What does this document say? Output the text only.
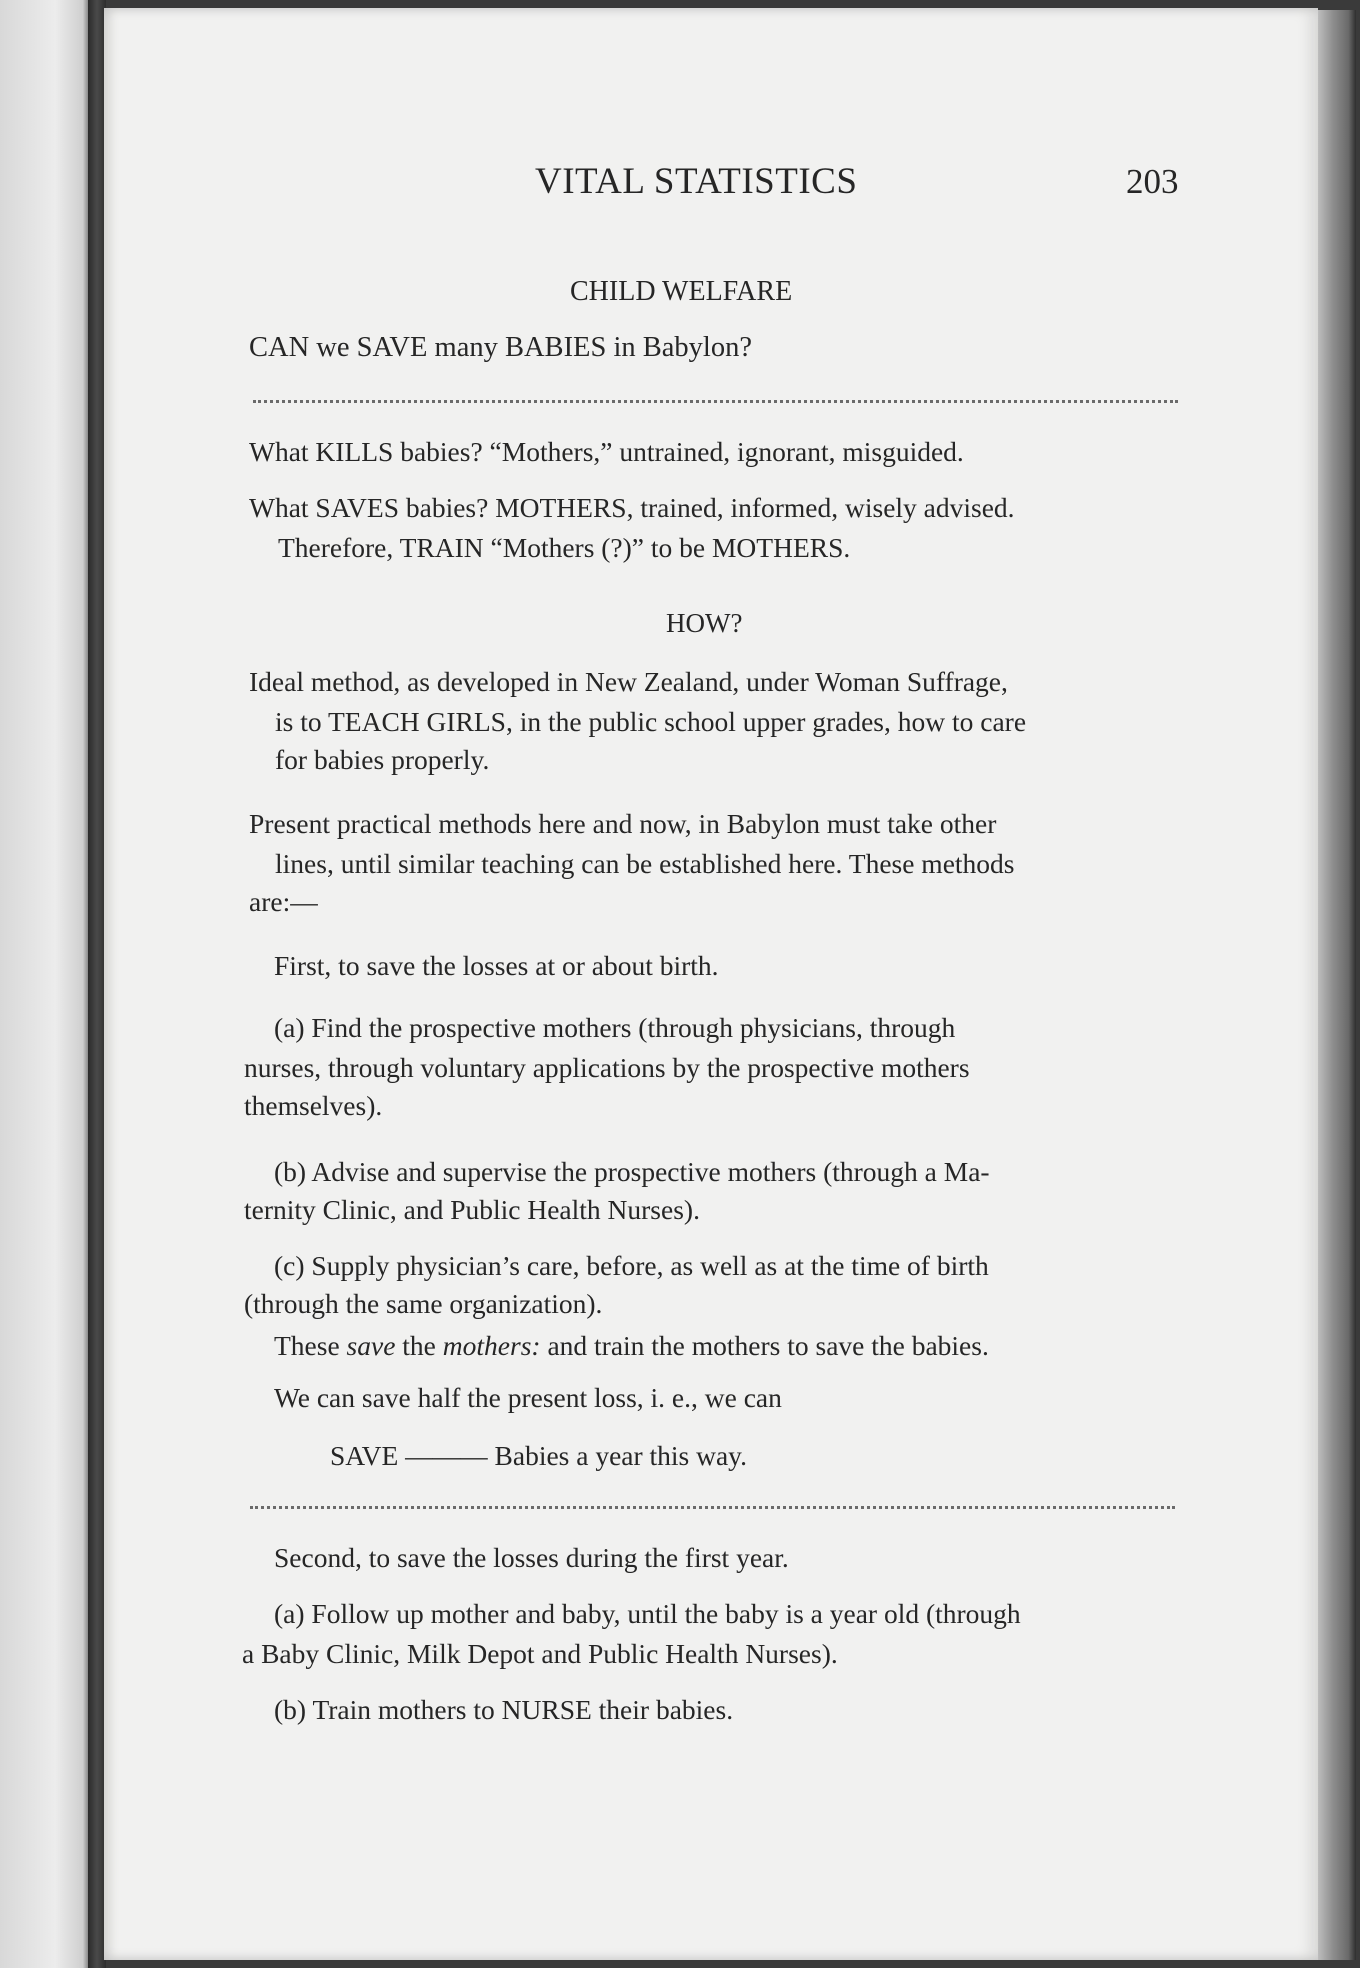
VITAL STATISTICS	203
CHILD WELFARE
CAN we SAVE many BABIES in Babylon?
What KILLS babies? “Mothers,” untrained, ignorant, misguided.
What SAVES babies? MOTHERS, trained, informed, wisely advised.
Therefore, TRAIN “Mothers (?)” to be MOTHERS.
HOW?
Ideal method, as developed in New Zealand, under Woman Suffrage,
is to TEACH GIRLS, in the public school upper grades, how to care
for babies properly.
Present practical methods here and now, in Babylon must take other
lines, until similar teaching can be established here. These methods
are:—
First, to save the losses at or about birth.
(a) Find the prospective mothers (through physicians, through
nurses, through voluntary applications by the prospective mothers
themselves).
(b) Advise and supervise the prospective mothers (through a Ma-
ternity Clinic, and Public Health Nurses).
(c) Supply physician’s care, before, as well as at the time of birth
(through the same organization).
These save the mothers: and train the mothers to save the babies.
We can save half the present loss, i. e., we can
SAVE ——— Babies a year this way.
Second, to save the losses during the first year.
(a) Follow up mother and baby, until the baby is a year old (through
a Baby Clinic, Milk Depot and Public Health Nurses).
(b) Train mothers to NURSE their babies.
